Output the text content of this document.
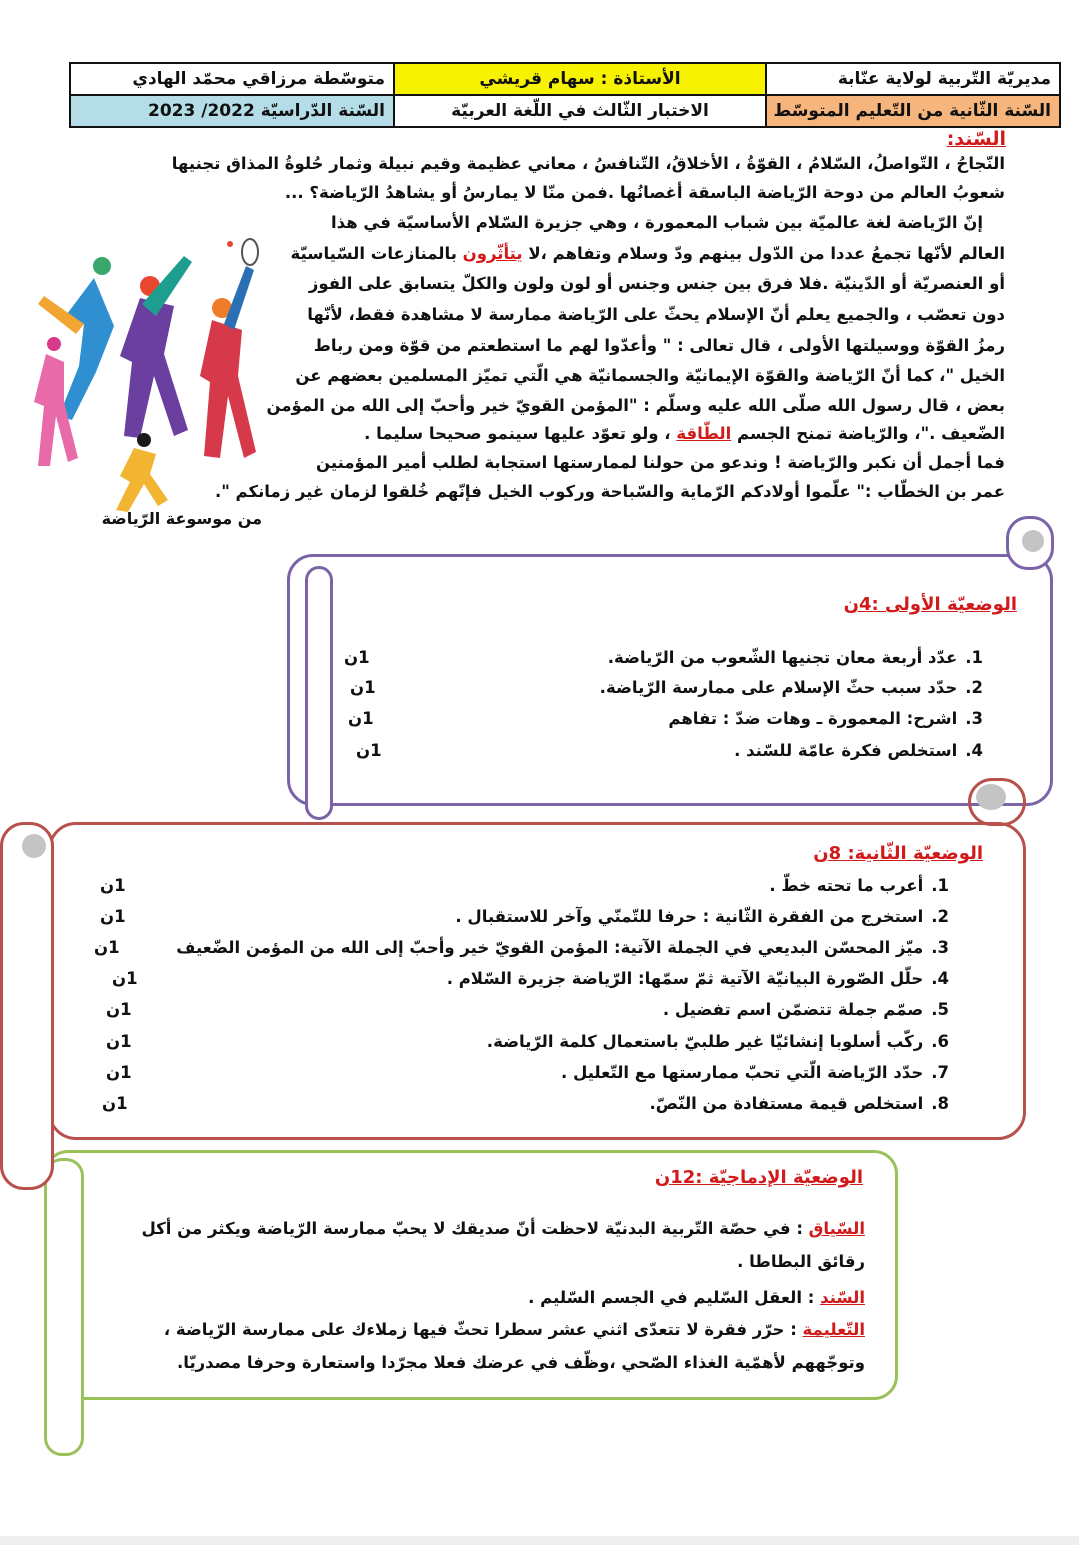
مديريّة التّربية لولاية عنّابة	الأستاذة : سهام قريشي	متوسّطة مرزاقي محمّد الهادي
السّنة الثّانية من التّعليم المتوسّط	الاختبار الثّالث في اللّغة العربيّة	السّنة الدّراسيّة 2022/ 2023
السّند:
النّجاحُ ، التّواصلُ، السّلامُ ، القوّةُ ، الأخلاقُ، التّنافسُ ، معاني عظيمة وقيم نبيلة وثمار حُلوةُ المذاق تجنيها
شعوبُ العالم من دوحة الرّياضة الباسقة أغصانُها .فمن منّا لا يمارسُ أو يشاهدُ الرّياضة؟ ...
إنّ الرّياضة لغة عالميّة بين شباب المعمورة ، وهي جزيرة السّلام الأساسيّة في هذا
أو العنصريّة أو الدّينيّة .فلا فرق بين جنس وجنس أو لون ولون والكلّ يتسابق على الفوز
دون تعصّب ، والجميع يعلم أنّ الإسلام يحثّ على الرّياضة ممارسة لا مشاهدة فقط، لأنّها
رمزُ القوّة ووسيلتها الأولى ، قال تعالى : " وأعدّوا لهم ما استطعتم من قوّة ومن رباط
الخيل "، كما أنّ الرّياضة والقوّة الإيمانيّة والجسمانيّة هي الّتي تميّز المسلمين بعضهم عن
بعض ، قال رسول الله صلّى الله عليه وسلّم : "المؤمن القويّ خير وأحبّ إلى الله من المؤمن
فما أجمل أن نكبر والرّياضة ! وندعو من حولنا لممارستها استجابة لطلب أمير المؤمنين
عمر بن الخطّاب :" علّموا أولادكم الرّماية والسّباحة وركوب الخيل فإنّهم خُلقوا لزمان غير زمانكم ".
العالم لأنّها تجمعُ عددا من الدّول بينهم ودّ وسلام وتفاهم ،لا يتأثّرون بالمنازعات السّياسيّة
الضّعيف ."، والرّياضة تمنح الجسم الطّاقة ، ولو تعوّد عليها سينمو صحيحا سليما .
من موسوعة الرّياضة
الوضعيّة الأولى :4ن
1.عدّد أربعة معان تجنيها الشّعوب من الرّياضة.
1ن
2.حدّد سبب حثّ الإسلام على ممارسة الرّياضة.
1ن
3.اشرح: المعمورة ـ وهات ضدّ : تفاهم
1ن
4.استخلص فكرة عامّة للسّند .
1ن
الوضعيّة الثّانية: 8ن
1.أعرب ما تحته خطّ .
1ن
2.استخرج من الفقرة الثّانية : حرفا للتّمنّي وآخر للاستقبال .
1ن
3.ميّز المحسّن البديعي في الجملة الآتية: المؤمن القويّ خير وأحبّ إلى الله من المؤمن الضّعيف
1ن
4.حلّل الصّورة البيانيّة الآتية ثمّ سمّها: الرّياضة جزيرة السّلام .
1ن
5.صمّم جملة تتضمّن اسم تفضيل .
1ن
6.ركّب أسلوبا إنشائيّا غير طلبيّ باستعمال كلمة الرّياضة.
1ن
7.حدّد الرّياضة الّتي تحبّ ممارستها مع التّعليل .
1ن
8.استخلص قيمة مستفادة من النّصّ.
1ن
الوضعيّة الإدماجيّة :12ن
السّياق : في حصّة التّربية البدنيّة لاحظت أنّ صديقك لا يحبّ ممارسة الرّياضة ويكثر من أكل
رقائق البطاطا .
السّند : العقل السّليم في الجسم السّليم .
التّعليمة : حرّر فقرة لا تتعدّى اثني عشر سطرا تحثّ فيها زملاءك على ممارسة الرّياضة ،
وتوجّههم لأهمّية الغذاء الصّحي ،وظّف في عرضك فعلا مجرّدا واستعارة وحرفا مصدريّا.
